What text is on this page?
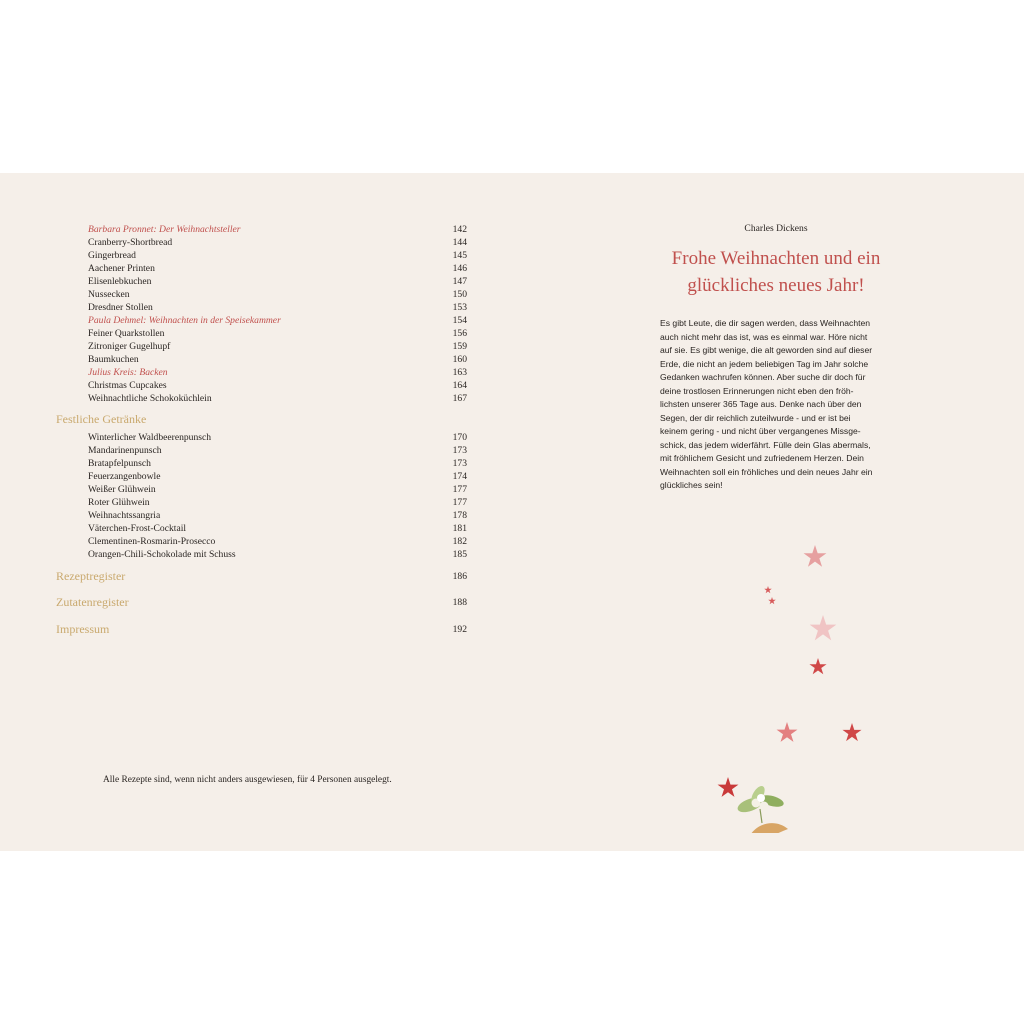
Barbara Pronnet: Der Weihnachtsteller	142
Cranberry-Shortbread	144
Gingerbread	145
Aachener Printen	146
Elisenlebkuchen	147
Nussecken	150
Dresdner Stollen	153
Paula Dehmel: Weihnachten in der Speisekammer	154
Feiner Quarkstollen	156
Zitroniger Gugelhupf	159
Baumkuchen	160
Julius Kreis: Backen	163
Christmas Cupcakes	164
Weihnachtliche Schokoküchlein	167
Festliche Getränke
Winterlicher Waldbeerenpunsch	170
Mandarinenpunsch	173
Bratapfelpunsch	173
Feuerzangenbowle	174
Weißer Glühwein	177
Roter Glühwein	177
Weihnachtssangria	178
Väterchen-Frost-Cocktail	181
Clementinen-Rosmarin-Prosecco	182
Orangen-Chili-Schokolade mit Schuss	185
Rezeptregister	186
Zutatenregister	188
Impressum	192
Alle Rezepte sind, wenn nicht anders ausgewiesen, für 4 Personen ausgelegt.
Charles Dickens
Frohe Weihnachten und ein
glückliches neues Jahr!
Es gibt Leute, die dir sagen werden, dass Weihnachten
auch nicht mehr das ist, was es einmal war. Höre nicht
auf sie. Es gibt wenige, die alt geworden sind auf dieser
Erde, die nicht an jedem beliebigen Tag im Jahr solche
Gedanken wachrufen können. Aber suche dir doch für
deine trostlosen Erinnerungen nicht eben den fröh-
lichsten unserer 365 Tage aus. Denke nach über den
Segen, der dir reichlich zuteilwurde - und er ist bei
keinem gering - und nicht über vergangenes Missge-
schick, das jedem widerfährt. Fülle dein Glas abermals,
mit fröhlichem Gesicht und zufriedenem Herzen. Dein
Weihnachten soll ein fröhliches und dein neues Jahr ein
glückliches sein!
